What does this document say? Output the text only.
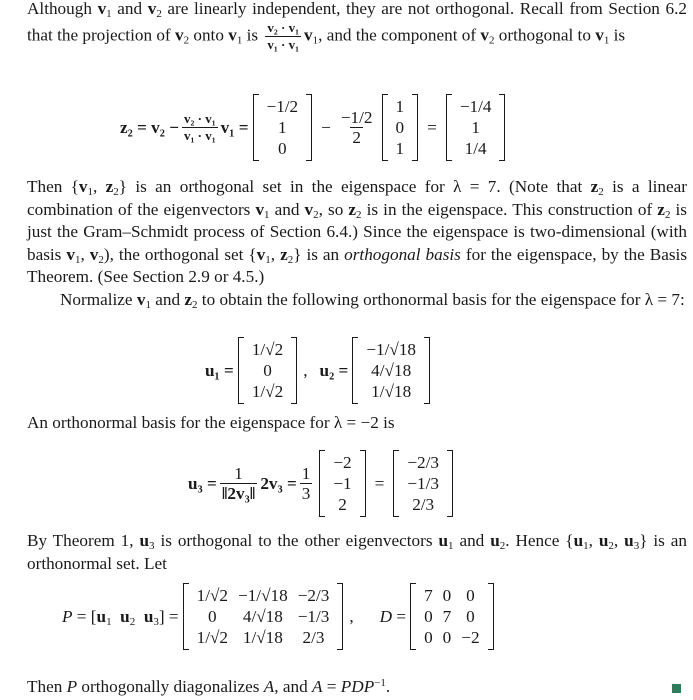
Although $v_1$ and $v_2$ are linearly independent, they are not orthogonal. Recall from Section 6.2 that the projection of $v_2$ onto $v_1$ is $\frac{\text{v₂ · v₁}}{\text{v₁ · v₁}} v_1$, and the component of $v_2$ orthogonal to $v_1$ is

$z_2 = v_2 - \frac{\text{v₂ · v₁}}{\text{v₁ · v₁}} v_1$ =
−1/2
1
0
− $\frac{-1/2}{2}$
1
0
1
=
−1/4
1
1/4

Then {$v_1$, $z_2$} is an orthogonal set in the eigenspace for λ = 7. (Note that $z_2$ is a linear combination of the eigenvectors $v_1$ and $v_2$, so $z_2$ is in the eigenspace. This construction of $z_2$ is just the Gram–Schmidt process of Section 6.4.) Since the eigenspace is two-dimensional (with basis $v_1$, $v_2$), the orthogonal set {$v_1$, $z_2$} is an orthogonal basis for the eigenspace, by the Basis Theorem. (See Section 2.9 or 4.5.)

Normalize $v_1$ and $z_2$ to obtain the following orthonormal basis for the eigenspace for λ = 7:

u₁ =
1/√2
0
1/√2
, u₂ =
−1/√18
4/√18
1/√18

An orthonormal basis for the eigenspace for λ = −2 is

$u_3 = \frac{1}{\text{‖2v₃‖}} 2v_3 = \frac{1}{3}$
−2
−1
2
=
−2/3
−1/3
2/3

By Theorem 1, $u_3$ is orthogonal to the other eigenvectors $u_1$ and $u_2$. Hence {$u_1$, $u_2$, $u_3$} is an orthonormal set. Let

$P = [u_1$ $u_2$ $u_3$] =
1/√2	−1/√18	−2/3
0	4/√18	−1/3
1/√2	1/√18	2/3
, D =
7	0	0
0	7	0
0	0	−2

Then P orthogonally diagonalizes A, and $A = PDP^{-1}$.
